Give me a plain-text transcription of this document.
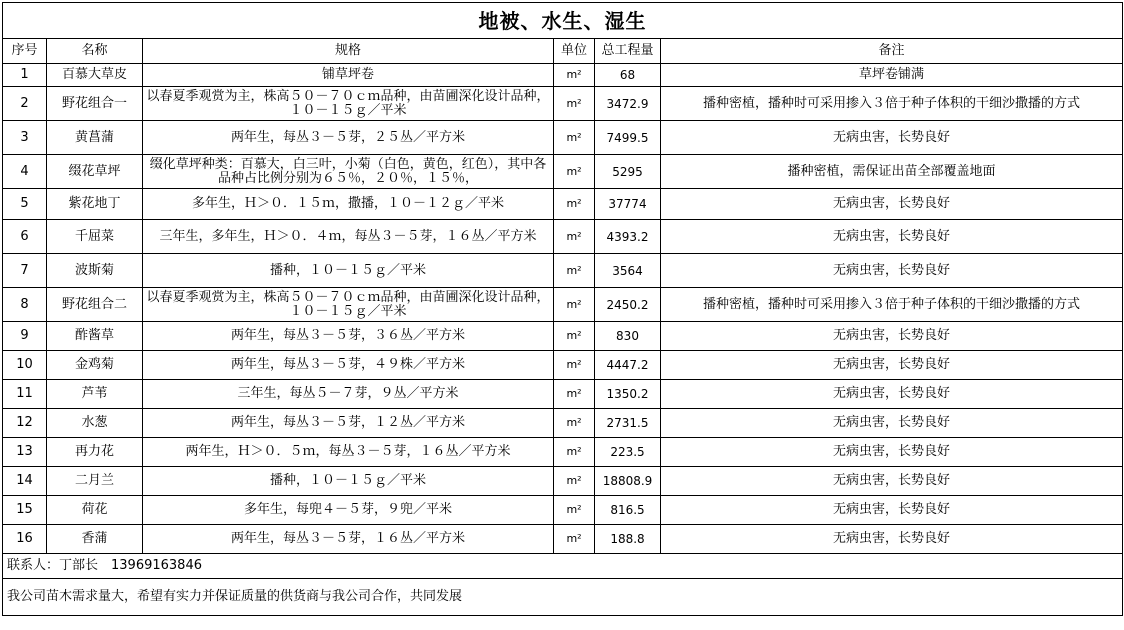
地被、水生、湿生					
序号	名称	规格	单位	总工程量	备注
1	百慕大草皮	铺草坪卷	m²	68	草坪卷铺满
2	野花组合一	以春夏季观赏为主，株高５０－７０ｃｍ品种，由苗圃深化设计品种，１０－１５ｇ／平米	m²	3472.9	播种密植，播种时可采用掺入３倍于种子体积的干细沙撒播的方式
3	黄菖蒲	两年生，每丛３－５芽，２５丛／平方米	m²	7499.5	无病虫害，长势良好
4	缀花草坪	缀化草坪种类：百慕大，白三叶，小菊（白色，黄色，红色），其中各品种占比例分别为６５％，２０％，１５％，	m²	5295	播种密植，需保证出苗全部覆盖地面
5	紫花地丁	多年生，Ｈ＞０．１５ｍ，撒播，１０－１２ｇ／平米	m²	37774	无病虫害，长势良好
6	千屈菜	三年生，多年生，Ｈ＞０．４ｍ，每丛３－５芽，１６丛／平方米	m²	4393.2	无病虫害，长势良好
7	波斯菊	播种，１０－１５ｇ／平米	m²	3564	无病虫害，长势良好
8	野花组合二	以春夏季观赏为主，株高５０－７０ｃｍ品种，由苗圃深化设计品种，１０－１５ｇ／平米	m²	2450.2	播种密植，播种时可采用掺入３倍于种子体积的干细沙撒播的方式
9	酢酱草	两年生，每丛３－５芽，３６丛／平方米	m²	830	无病虫害，长势良好
10	金鸡菊	两年生，每丛３－５芽，４９株／平方米	m²	4447.2	无病虫害，长势良好
11	芦苇	三年生，每丛５－７芽，９丛／平方米	m²	1350.2	无病虫害，长势良好
12	水葱	两年生，每丛３－５芽，１２丛／平方米	m²	2731.5	无病虫害，长势良好
13	再力花	两年生，Ｈ＞０．５ｍ，每丛３－５芽，１６丛／平方米	m²	223.5	无病虫害，长势良好
14	二月兰	播种，１０－１５ｇ／平米	m²	18808.9	无病虫害，长势良好
15	荷花	多年生，每兜４－５芽，９兜／平米	m²	816.5	无病虫害，长势良好
16	香蒲	两年生，每丛３－５芽，１６丛／平方米	m²	188.8	无病虫害，长势良好
联系人：丁部长　13969163846					
我公司苗木需求量大，希望有实力并保证质量的供货商与我公司合作，共同发展					
